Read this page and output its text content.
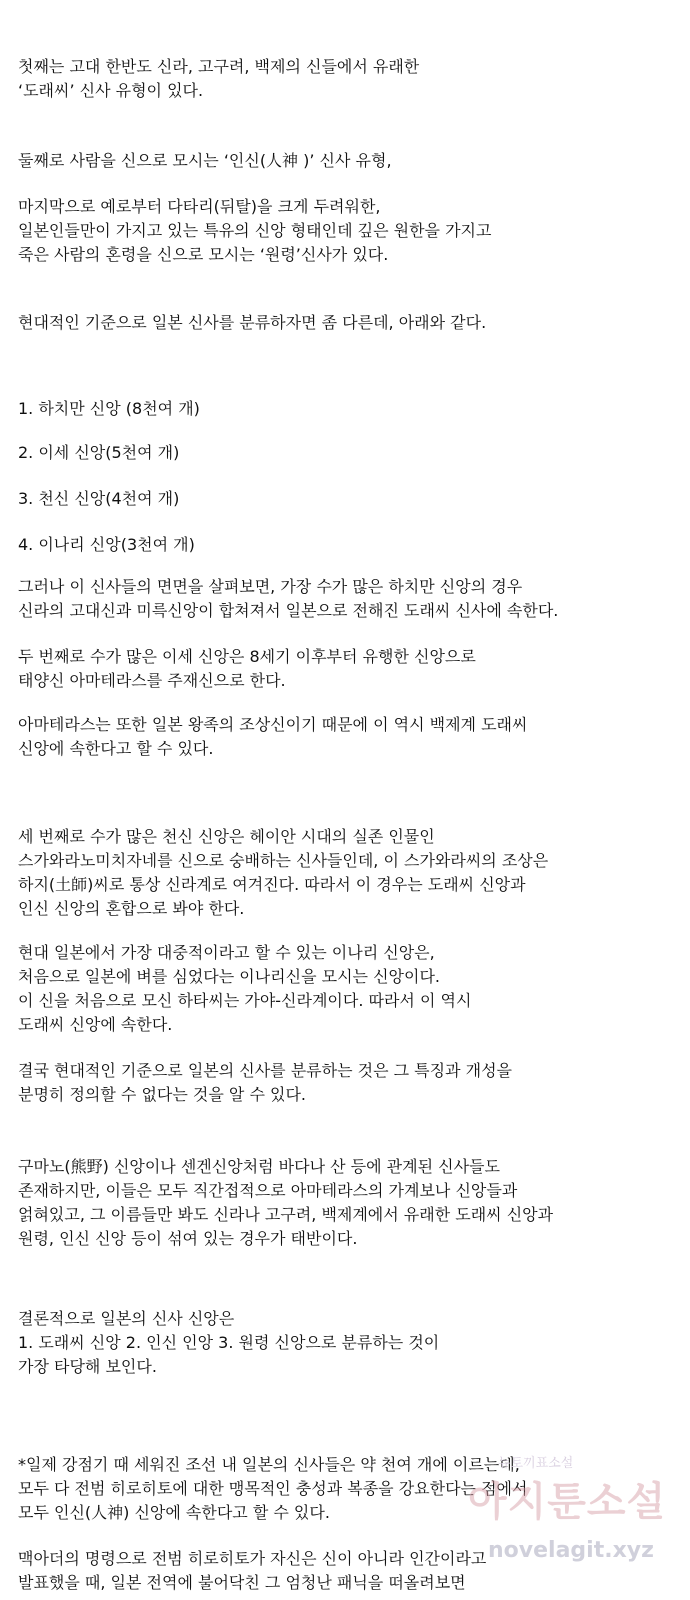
첫째는 고대 한반도 신라, 고구려, 백제의 신들에서 유래한

‘도래씨’ 신사 유형이 있다.

둘째로 사람을 신으로 모시는 ‘인신(人神 )’ 신사 유형,

마지막으로 예로부터 다타리(뒤탈)을 크게 두려워한,

일본인들만이 가지고 있는 특유의 신앙 형태인데 깊은 원한을 가지고

죽은 사람의 혼령을 신으로 모시는 ‘원령’신사가 있다.

현대적인 기준으로 일본 신사를 분류하자면 좀 다른데, 아래와 같다.

1. 하치만 신앙 (8천여 개)

2. 이세 신앙(5천여 개)

3. 천신 신앙(4천여 개)

4. 이나리 신앙(3천여 개)

그러나 이 신사들의 면면을 살펴보면, 가장 수가 많은 하치만 신앙의 경우

신라의 고대신과 미륵신앙이 합쳐져서 일본으로 전해진 도래씨 신사에 속한다.

두 번째로 수가 많은 이세 신앙은 8세기 이후부터 유행한 신앙으로

태양신 아마테라스를 주재신으로 한다.

아마테라스는 또한 일본 왕족의 조상신이기 때문에 이 역시 백제계 도래씨

신앙에 속한다고 할 수 있다.

세 번째로 수가 많은 천신 신앙은 헤이안 시대의 실존 인물인

스가와라노미치자네를 신으로 숭배하는 신사들인데, 이 스가와라씨의 조상은

하지(土師)씨로 통상 신라계로 여겨진다. 따라서 이 경우는 도래씨 신앙과

인신 신앙의 혼합으로 봐야 한다.

현대 일본에서 가장 대중적이라고 할 수 있는 이나리 신앙은,

처음으로 일본에 벼를 심었다는 이나리신을 모시는 신앙이다.

이 신을 처음으로 모신 하타씨는 가야-신라계이다. 따라서 이 역시

도래씨 신앙에 속한다.

결국 현대적인 기준으로 일본의 신사를 분류하는 것은 그 특징과 개성을

분명히 정의할 수 없다는 것을 알 수 있다.

구마노(熊野) 신앙이나 센겐신앙처럼 바다나 산 등에 관계된 신사들도

존재하지만, 이들은 모두 직간접적으로 아마테라스의 가계보나 신앙들과

얽혀있고, 그 이름들만 봐도 신라나 고구려, 백제계에서 유래한 도래씨 신앙과

원령, 인신 신앙 등이 섞여 있는 경우가 태반이다.

결론적으로 일본의 신사 신앙은

1. 도래씨 신앙 2. 인신 인앙 3. 원령 신앙으로 분류하는 것이

가장 타당해 보인다.

*일제 강점기 때 세워진 조선 내 일본의 신사들은 약 천여 개에 이르는데,

모두 다 전범 히로히토에 대한 맹목적인 충성과 복종을 강요한다는 점에서

모두 인신(人神) 신앙에 속한다고 할 수 있다.

맥아더의 명령으로 전범 히로히토가 자신은 신이 아니라 인간이라고

발표했을 때, 일본 전역에 불어닥친 그 엄청난 패닉을 떠올려보면

뉴토끼표소설
아지툰소설
novelagit.xyz
